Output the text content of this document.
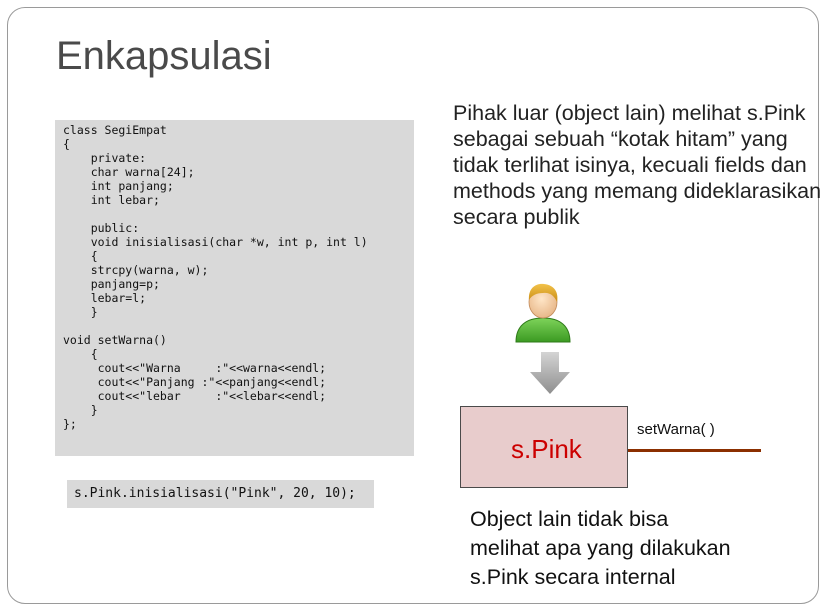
Enkapsulasi
class SegiEmpat
{
private:
char warna[24];
int panjang;
int lebar;

public:
void inisialisasi(char *w, int p, int l)
{
strcpy(warna, w);
panjang=p;
lebar=l;
}

void setWarna()
{
cout<<"Warna     :"<<warna<<endl;
cout<<"Panjang :"<<panjang<<endl;
cout<<"lebar     :"<<lebar<<endl;
}
};
s.Pink.inisialisasi("Pink", 20, 10);
Pihak luar (object lain) melihat s.Pink
sebagai sebuah “kotak hitam” yang
tidak terlihat isinya, kecuali fields dan
methods yang memang dideklarasikan
secara publik
s.Pink
setWarna( )
Object lain tidak bisa
melihat apa yang dilakukan
s.Pink secara internal
